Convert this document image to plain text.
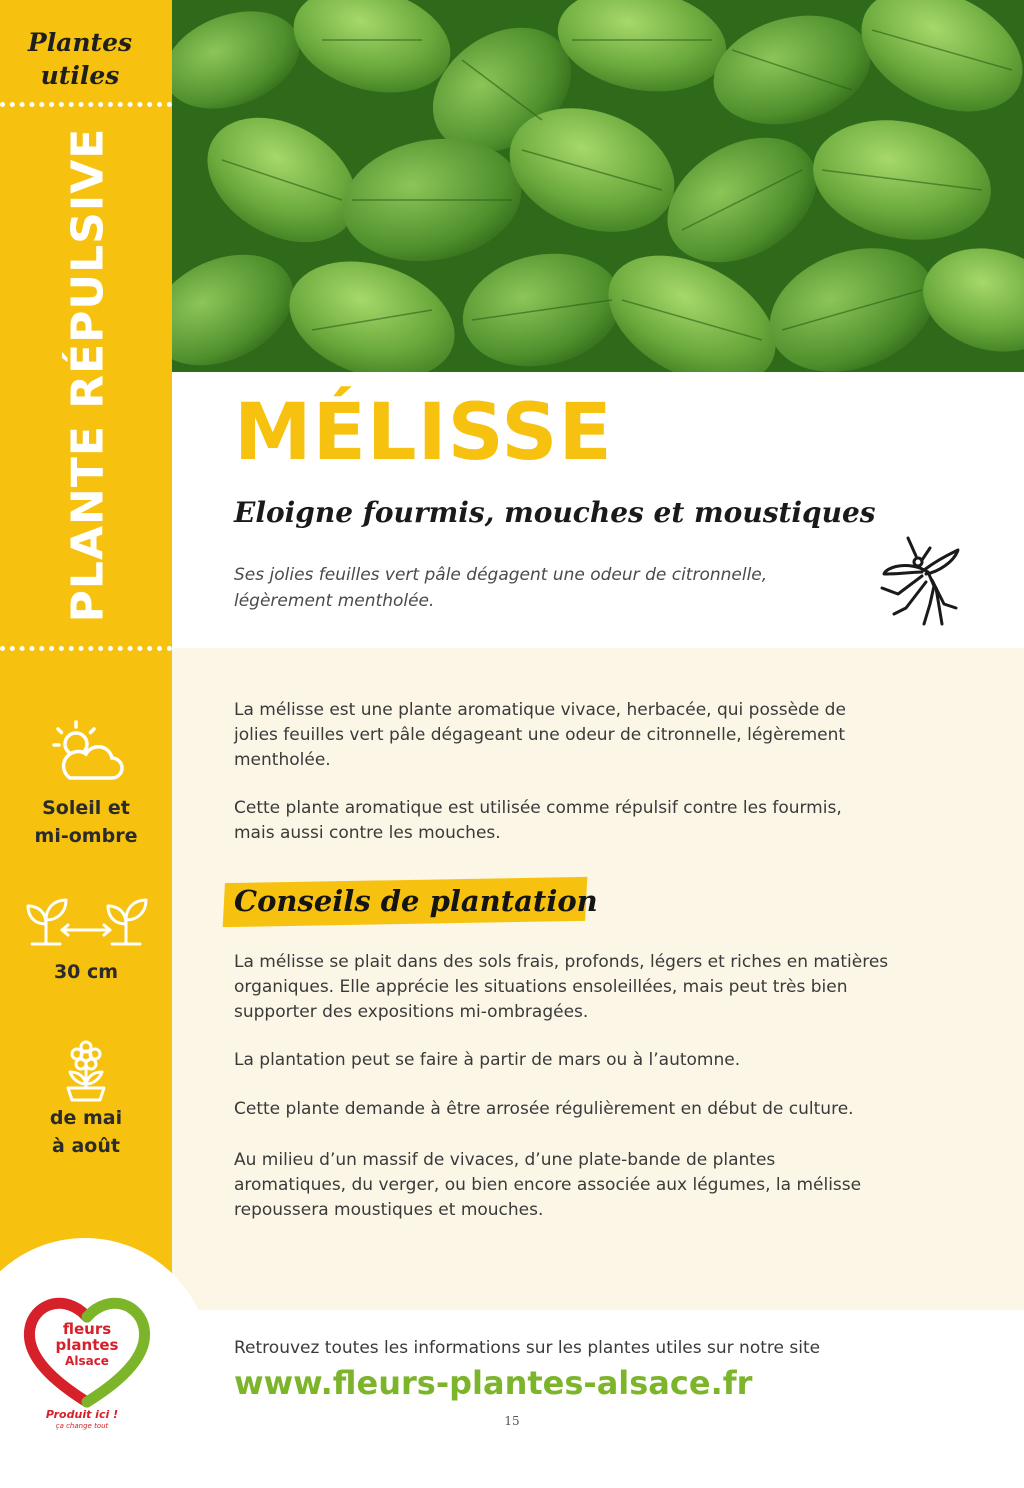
Plantes
utiles
PLANTE RÉPULSIVE
Soleil et
mi-ombre
30 cm
de mai
à août
MÉLISSE
Eloigne fourmis, mouches et moustiques
Ses jolies feuilles vert pâle dégagent une odeur de citronnelle,
légèrement mentholée.
La mélisse est une plante aromatique vivace, herbacée, qui possède de
jolies feuilles vert pâle dégageant une odeur de citronnelle, légèrement
mentholée.
Cette plante aromatique est utilisée comme répulsif contre les fourmis,
mais aussi contre les mouches.
Conseils de plantation
La mélisse se plait dans des sols frais, profonds, légers et riches en matières
organiques. Elle apprécie les situations ensoleillées, mais peut très bien
supporter des expositions mi-ombragées.
La plantation peut se faire à partir de mars ou à l’automne.
Cette plante demande à être arrosée régulièrement en début de culture.
Au milieu d’un massif de vivaces, d’une plate-bande de plantes
aromatiques, du verger, ou bien encore associée aux légumes, la mélisse
repoussera moustiques et mouches.
fleurs
plantes
Alsace
Produit ici !
ça change tout
Retrouvez toutes les informations sur les plantes utiles sur notre site
www.fleurs-plantes-alsace.fr
15
